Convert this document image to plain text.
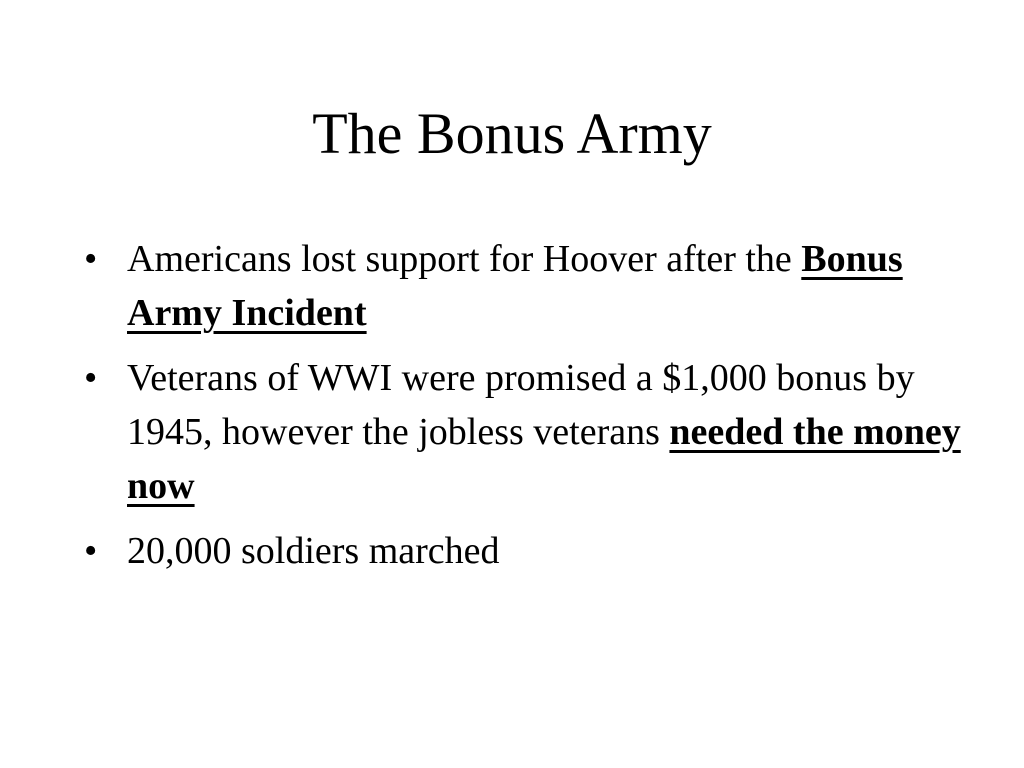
The Bonus Army
• Americans lost support for Hoover after the Bonus Army Incident
• Veterans of WWI were promised a $1,000 bonus by 1945, however the jobless veterans needed the money now
• 20,000 soldiers marched
